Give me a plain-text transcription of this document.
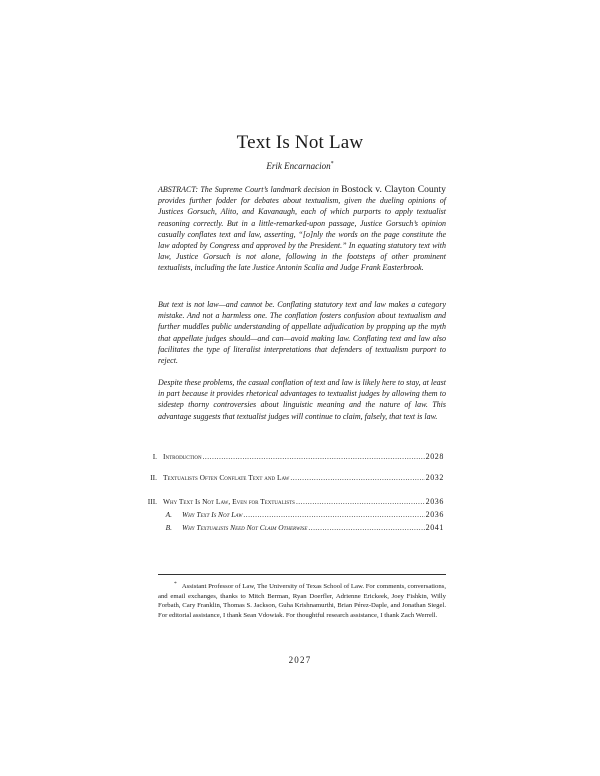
Text Is Not Law
Erik Encarnacion*

ABSTRACT: The Supreme Court’s landmark decision in Bostock v. Clayton County provides further fodder for debates about textualism, given the dueling opinions of Justices Gorsuch, Alito, and Kavanaugh, each of which purports to apply textualist reasoning correctly. But in a little-remarked-upon passage, Justice Gorsuch’s opinion casually conflates text and law, asserting, “[o]nly the words on the page constitute the law adopted by Congress and approved by the President.” In equating statutory text with law, Justice Gorsuch is not alone, following in the footsteps of other prominent textualists, including the late Justice Antonin Scalia and Judge Frank Easterbrook.

But text is not law—and cannot be. Conflating statutory text and law makes a category mistake. And not a harmless one. The conflation fosters confusion about textualism and further muddles public understanding of appellate adjudication by propping up the myth that appellate judges should—and can—avoid making law. Conflating text and law also facilitates the type of literalist interpretations that defenders of textualism purport to reject.

Despite these problems, the casual conflation of text and law is likely here to stay, at least in part because it provides rhetorical advantages to textualist judges by allowing them to sidestep thorny controversies about linguistic meaning and the nature of law. This advantage suggests that textualist judges will continue to claim, falsely, that text is law.

I. Introduction .....	2028
II. Textualists Often Conflate Text and Law .....	2032
III. Why Text Is Not Law, Even for Textualists .....	2036
A. Why Text Is Not Law .....	2036
B. Why Textualists Need Not Claim Otherwise .....	2041

* Assistant Professor of Law, The University of Texas School of Law. For comments, conversations, and email exchanges, thanks to Mitch Berman, Ryan Doerfler, Adrienne Erickeek, Joey Fishkin, Willy Forbath, Cary Franklin, Thomas S. Jackson, Guha Krishnamurthi, Brian Pérez-Daple, and Jonathan Siegel. For editorial assistance, I thank Sean Vdowiak. For thoughtful research assistance, I thank Zach Werrell.

2027
